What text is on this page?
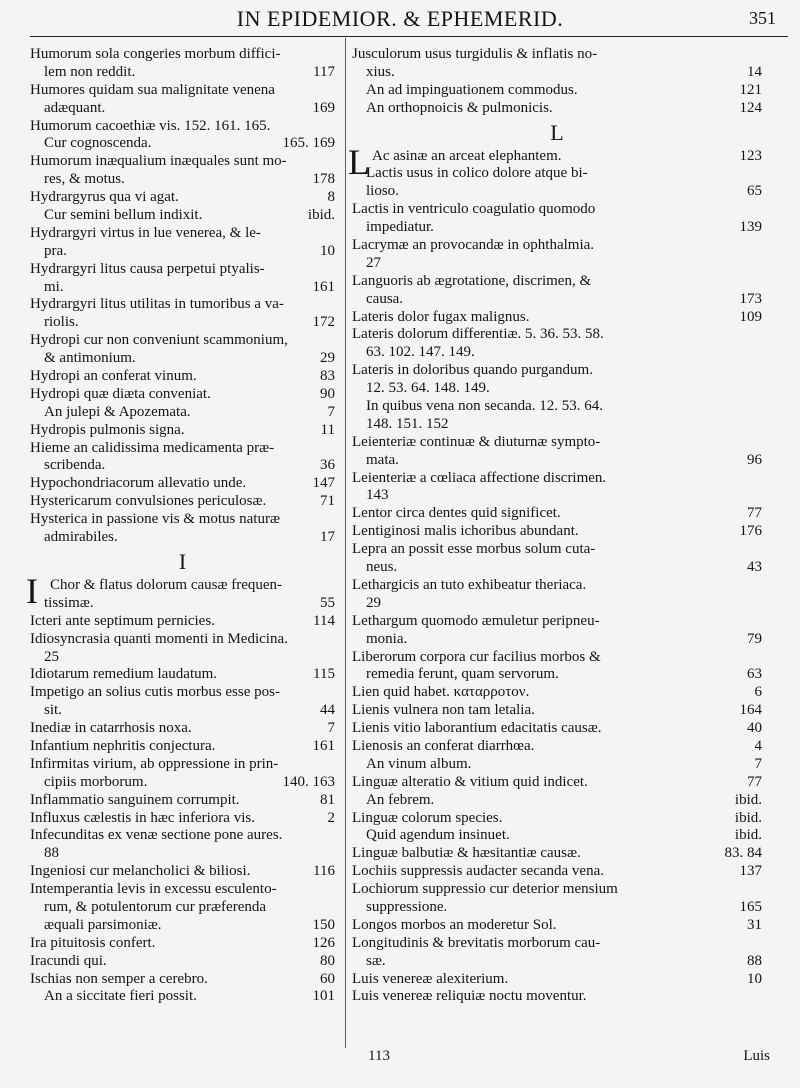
IN EPIDEMIOR. & EPHEMERID.	351
Humorum sola congeries morbum diffici-
lem non reddit.	117
Humores quidam sua malignitate venena
adæquant.	169
Humorum cacoethiæ vis. 152. 161. 165.
Cur cognoscenda.	165. 169
Humorum inæqualium inæquales sunt mo-
res, & motus.	178
Hydrargyrus qua vi agat.	8
Cur semini bellum indixit.	ibid.
Hydrargyri virtus in lue venerea, & le-
pra.	10
Hydrargyri litus causa perpetui ptyalis-
mi.	161
Hydrargyri litus utilitas in tumoribus a va-
riolis.	172
Hydropi cur non conveniunt scammonium,
& antimonium.	29
Hydropi an conferat vinum.	83
Hydropi quæ diæta conveniat.	90
An julepi & Apozemata.	7
Hydropis pulmonis signa.	11
Hieme an calidissima medicamenta præ-
scribenda.	36
Hypochondriacorum allevatio unde.	147
Hystericarum convulsiones periculosæ.	71
Hysterica in passione vis & motus naturæ
admirabiles.	17
I
I Chor & flatus dolorum causæ frequen-
tissimæ.	55
Icteri ante septimum pernicies.	114
Idiosyncrasia quanti momenti in Medicina.
25
Idiotarum remedium laudatum.	115
Impetigo an solius cutis morbus esse pos-
sit.	44
Inediæ in catarrhosis noxa.	7
Infantium nephritis conjectura.	161
Infirmitas virium, ab oppressione in prin-
cipiis morborum.	140. 163
Inflammatio sanguinem corrumpit.	81
Influxus cælestis in hæc inferiora vis.	2
Infecunditas ex venæ sectione pone aures.
88
Ingeniosi cur melancholici & biliosi.	116
Intemperantia levis in excessu esculento-
rum, & potulentorum cur præferenda
æquali parsimoniæ.	150
Ira pituitosis confert.	126
Iracundi qui.	80
Ischias non semper a cerebro.	60
An a siccitate fieri possit.	101
Jusculorum usus turgidulis & inflatis no-
xius.	14
An ad impinguationem commodus.	121
An orthopnoicis & pulmonicis.	124
L
L Ac asinæ an arceat elephantem.	123
Lactis usus in colico dolore atque bi-
lioso.	65
Lactis in ventriculo coagulatio quomodo
impediatur.	139
Lacrymæ an provocandæ in ophthalmia.
27
Languoris ab ægrotatione, discrimen, &
causa.	173
Lateris dolor fugax malignus.	109
Lateris dolorum differentiæ. 5. 36. 53. 58.
63. 102. 147. 149.
Lateris in doloribus quando purgandum.
12. 53. 64. 148. 149.
In quibus vena non secanda. 12. 53. 64.
148. 151. 152
Leienteriæ continuæ & diuturnæ sympto-
mata.	96
Leienteriæ a cœliaca affectione discrimen.
143
Lentor circa dentes quid significet.	77
Lentiginosi malis ichoribus abundant.	176
Lepra an possit esse morbus solum cuta-
neus.	43
Lethargicis an tuto exhibeatur theriaca.
29
Lethargum quomodo æmuletur peripneu-
monia.	79
Liberorum corpora cur facilius morbos &
remedia ferunt, quam servorum.	63
Lien quid habet. καταρροτον.	6
Lienis vulnera non tam letalia.	164
Lienis vitio laborantium edacitatis causæ.	40
Lienosis an conferat diarrhœa.	4
An vinum album.	7
Linguæ alteratio & vitium quid indicet.	77
An febrem.	ibid.
Linguæ colorum species.	ibid.
Quid agendum insinuet.	ibid.
Linguæ balbutiæ & hæsitantiæ causæ.	83. 84
Lochiis suppressis audacter secanda vena.	137
Lochiorum suppressio cur deterior mensium
suppressione.	165
Longos morbos an moderetur Sol.	31
Longitudinis & brevitatis morborum cau-
sæ.	88
Luis venereæ alexiterium.	10
Luis venereæ reliquiæ noctu moventur.
113	Luis
